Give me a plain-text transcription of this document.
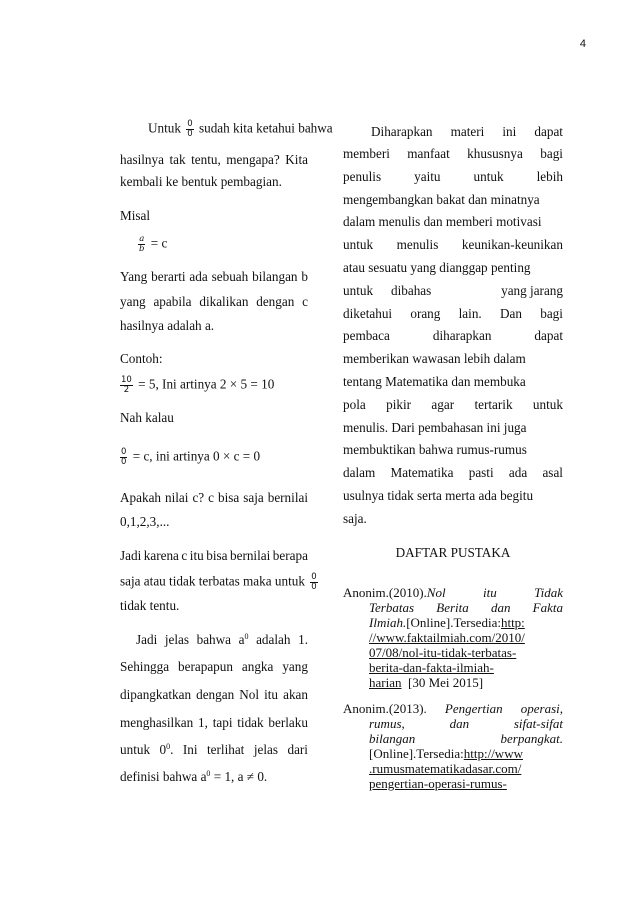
4
Untuk $\frac{0}{0}$ sudah kita ketahui bahwa
hasilnya tak tentu, mengapa? Kita
kembali ke bentuk pembagian.
Misal
$\frac{a}{b} = c$
Yang berarti ada sebuah bilangan b
yang apabila dikalikan dengan c
hasilnya adalah a.
Contoh:
$\frac{10}{2} = 5$, Ini artinya 2 × 5 = 10
Nah kalau
$\frac{0}{0} = c$, ini artinya 0 × c = 0
Apakah nilai c? c bisa saja bernilai
0,1,2,3,...
Jadi karena c itu bisa bernilai berapa
saja atau tidak terbatas maka untuk $\frac{0}{0}$
tidak tentu.
Jadi jelas bahwa $a^0$ adalah 1.
Sehingga berapapun angka yang
dipangkatkan dengan Nol itu akan
menghasilkan 1, tapi tidak berlaku
untuk $0^0$. Ini terlihat jelas dari
definisi bahwa $a^0 = 1$, a ≠ 0.
Diharapkan materi ini dapat
memberi manfaat khususnya bagi
penulis	yaitu	untuk	lebih
mengembangkan bakat dan minatnya
dalam menulis dan memberi motivasi
untuk menulis keunikan-keunikan
atau sesuatu yang dianggap penting
untuk dibahas	yang jarang
diketahui orang lain. Dan bagi
pembaca	diharapkan	dapat
memberikan wawasan lebih dalam
tentang Matematika dan membuka
pola pikir agar tertarik untuk
menulis. Dari pembahasan ini juga
membuktikan bahwa rumus-rumus
dalam Matematika pasti ada asal
usulnya tidak serta merta ada begitu
saja.
DAFTAR PUSTAKA
Anonim.(2010).Nol	itu	Tidak
Terbatas Berita dan Fakta
Ilmiah.[Online].Tersedia:http:
//www.faktailmiah.com/2010/
07/08/nol-itu-tidak-terbatas-
berita-dan-fakta-ilmiah-
harian [30 Mei 2015]
Anonim.(2013). Pengertian operasi,
rumus,	dan	sifat-sifat
bilangan	berpangkat.
[Online].Tersedia:http://www
.rumusmatematikadasar.com/
pengertian-operasi-rumus-
